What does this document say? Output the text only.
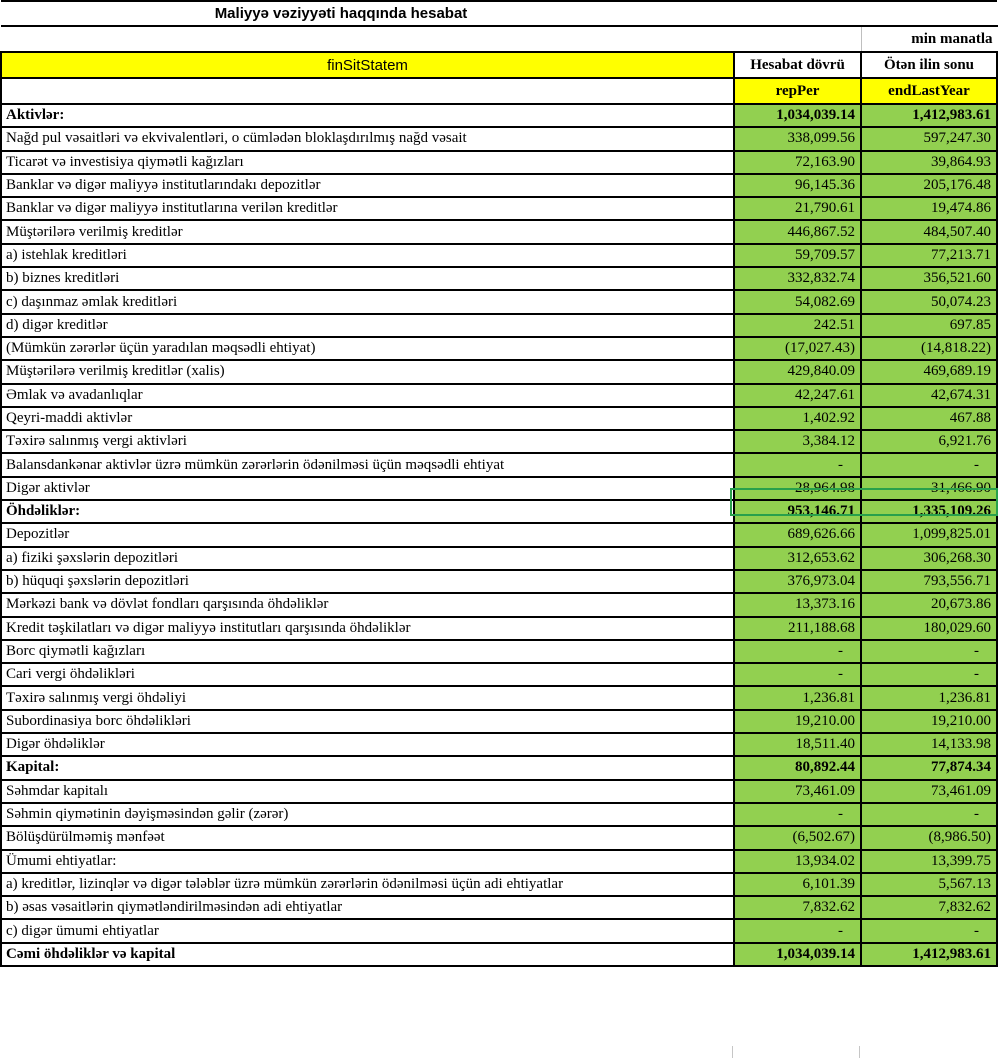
Maliyyə vəziyyəti haqqında hesabat		

		min manatla
finSitStatem	Hesabat dövrü	Ötən ilin sonu
	repPer	endLastYear
Aktivlər:	1,034,039.14	1,412,983.61
Nağd pul vəsaitləri və ekvivalentləri, o cümlədən bloklaşdırılmış nağd vəsait	338,099.56	597,247.30
Ticarət və investisiya qiymətli kağızları	72,163.90	39,864.93
Banklar və digər maliyyə institutlarındakı depozitlər	96,145.36	205,176.48
Banklar və digər maliyyə institutlarına verilən kreditlər	21,790.61	19,474.86
Müştərilərə verilmiş kreditlər	446,867.52	484,507.40
a) istehlak kreditləri	59,709.57	77,213.71
b) biznes kreditləri	332,832.74	356,521.60
c) daşınmaz əmlak kreditləri	54,082.69	50,074.23
d) digər kreditlər	242.51	697.85
(Mümkün zərərlər üçün yaradılan məqsədli ehtiyat)	(17,027.43)	(14,818.22)
Müştərilərə verilmiş kreditlər (xalis)	429,840.09	469,689.19
Əmlak və avadanlıqlar	42,247.61	42,674.31
Qeyri-maddi aktivlər	1,402.92	467.88
Təxirə salınmış vergi aktivləri	3,384.12	6,921.76
Balansdankənar aktivlər üzrə mümkün zərərlərin ödənilməsi üçün məqsədli ehtiyat	-	-
Digər aktivlər	28,964.98	31,466.90
Öhdəliklər:	953,146.71	1,335,109.26
Depozitlər	689,626.66	1,099,825.01
a) fiziki şəxslərin depozitləri	312,653.62	306,268.30
b) hüquqi şəxslərin depozitləri	376,973.04	793,556.71
Mərkəzi bank və dövlət fondları qarşısında öhdəliklər	13,373.16	20,673.86
Kredit təşkilatları və digər maliyyə institutları qarşısında öhdəliklər	211,188.68	180,029.60
Borc qiymətli kağızları	-	-
Cari vergi öhdəlikləri	-	-
Təxirə salınmış vergi öhdəliyi	1,236.81	1,236.81
Subordinasiya borc öhdəlikləri	19,210.00	19,210.00
Digər öhdəliklər	18,511.40	14,133.98
Kapital:	80,892.44	77,874.34
Səhmdar kapitalı	73,461.09	73,461.09
Səhmin qiymətinin dəyişməsindən gəlir (zərər)	-	-
Bölüşdürülməmiş mənfəət	(6,502.67)	(8,986.50)
Ümumi ehtiyatlar:	13,934.02	13,399.75
a) kreditlər, lizinqlər və digər tələblər üzrə mümkün zərərlərin ödənilməsi üçün adi ehtiyatlar	6,101.39	5,567.13
b) əsas vəsaitlərin qiymətləndirilməsindən adi ehtiyatlar	7,832.62	7,832.62
c) digər ümumi ehtiyatlar	-	-
Cəmi öhdəliklər və kapital	1,034,039.14	1,412,983.61
